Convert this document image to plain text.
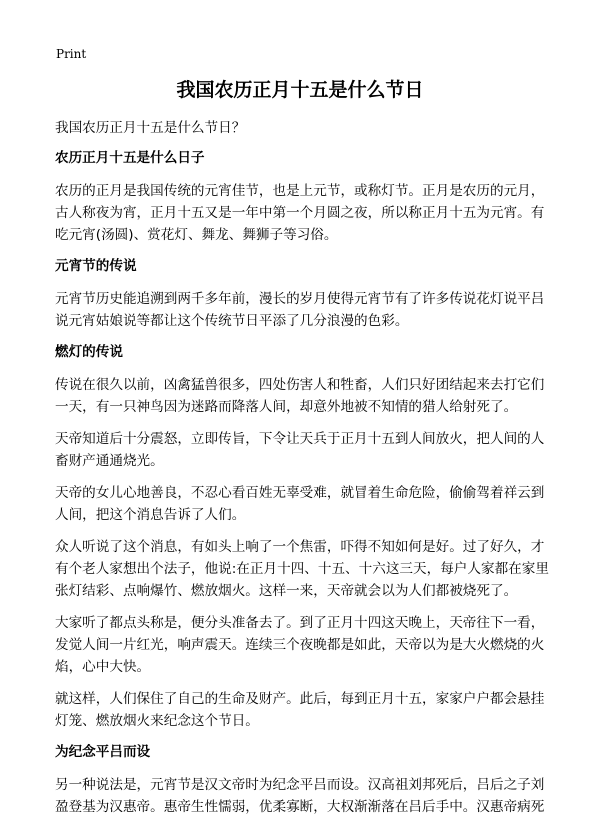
Print
我国农历正月十五是什么节日

我国农历正月十五是什么节日？

农历正月十五是什么日子

农历的正月是我国传统的元宵佳节，也是上元节，或称灯节。正月是农历的元月，古人称夜为宵，正月十五又是一年中第一个月圆之夜，所以称正月十五为元宵。有吃元宵(汤圆)、赏花灯、舞龙、舞狮子等习俗。

元宵节的传说

元宵节历史能追溯到两千多年前，漫长的岁月使得元宵节有了许多传说花灯说平吕说元宵姑娘说等都让这个传统节日平添了几分浪漫的色彩。

燃灯的传说

传说在很久以前，凶禽猛兽很多，四处伤害人和牲畜，人们只好团结起来去打它们一天，有一只神鸟因为迷路而降落人间，却意外地被不知情的猎人给射死了。

天帝知道后十分震怒，立即传旨，下令让天兵于正月十五到人间放火，把人间的人畜财产通通烧光。

天帝的女儿心地善良，不忍心看百姓无辜受难，就冒着生命危险，偷偷驾着祥云到人间，把这个消息告诉了人们。

众人听说了这个消息，有如头上响了一个焦雷，吓得不知如何是好。过了好久，才有个老人家想出个法子，他说:在正月十四、十五、十六这三天，每户人家都在家里张灯结彩、点响爆竹、燃放烟火。这样一来，天帝就会以为人们都被烧死了。

大家听了都点头称是，便分头准备去了。到了正月十四这天晚上，天帝往下一看，发觉人间一片红光，响声震天。连续三个夜晚都是如此，天帝以为是大火燃烧的火焰，心中大快。

就这样，人们保住了自己的生命及财产。此后，每到正月十五，家家户户都会悬挂灯笼、燃放烟火来纪念这个节日。

为纪念平吕而设

另一种说法是，元宵节是汉文帝时为纪念平吕而设。汉高祖刘邦死后，吕后之子刘盈登基为汉惠帝。惠帝生性懦弱，优柔寡断，大权渐渐落在吕后手中。汉惠帝病死
